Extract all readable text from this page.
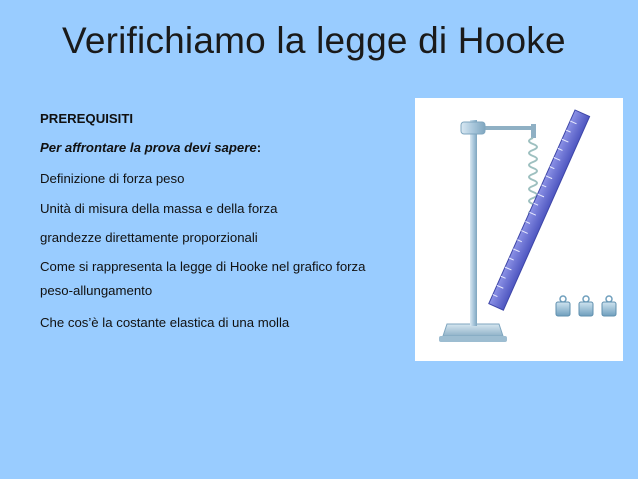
Verifichiamo la legge di Hooke
PREREQUISITI
Per affrontare la prova devi sapere:
Definizione di forza peso
Unità di misura della massa e della forza
grandezze direttamente proporzionali
Come si rappresenta la legge di Hooke nel grafico forza
peso-allungamento
Che cos’è la costante elastica di una molla
